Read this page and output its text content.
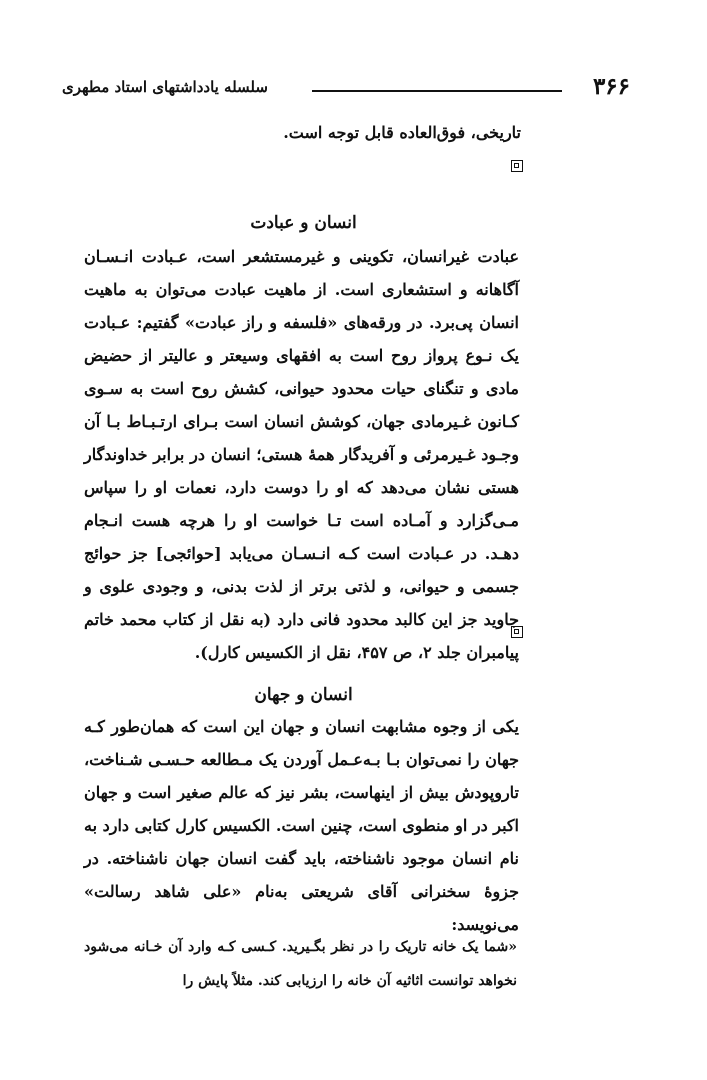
۳۶۶
سلسله یادداشتهای استاد مطهری
تاریخی، فوق‌العاده قابل توجه است.
انسان و عبادت
عبادت غیرانسان، تکوینی و غیرمستشعر است، عـبادت انـسـان آگاهانه و استشعاری است. از ماهیت عبادت می‌توان به ماهیت انسان پی‌برد. در ورقه‌های «فلسفه و راز عبادت» گفتیم: عـبادت یک نـوع پرواز روح است به افقهای وسیعتر و عالیتر از حضیض مادی و تنگنای حیات محدود حیوانی، کشش روح است به سـوی کـانون غـیرمادی جهان، کوشش انسان است بـرای ارتـبـاط بـا آن وجـود غـیرمرئی و آفریدگار همۀ هستی؛ انسان در برابر خداوندگار هستی نشان می‌دهد که او را دوست دارد، نعمات او را سپاس مـی‌گزارد و آمـاده است تـا خواست او را هرچه هست انـجام دهـد. در عـبادت است کـه انـسـان می‌یابد [حوائجی] جز حوائج جسمی و حیوانی، و لذتی برتر از لذت بدنی، و وجودی علوی و جاوید جز این کالبد محدود فانی دارد (به نقل از کتاب محمد خاتم پیامبران جلد ۲، ص ۴۵۷، نقل از الکسیس کارل).
انسان و جهان
یکی از وجوه مشابهت انسان و جهان این است که همان‌طور کـه جهان را نمی‌توان بـا بـه‌عـمل آوردن یک مـطالعه حـسـی شـناخت، تاروپودش بیش از اینهاست، بشر نیز که عالم صغیر است و جهان اکبر در او منطوی است، چنین است. الکسیس کارل کتابی دارد به نام انسان موجود ناشناخته، باید گفت انسان جهان ناشناخته. در جزوۀ سخنرانی آقای شریعتی به‌نام «علی شاهد رسالت» می‌نویسد:
«شما یک خانه تاریک را در نظر بگـیرید. کـسی کـه وارد آن خـانه می‌شود نخواهد توانست اثاثیه آن خانه را ارزیابی کند. مثلاً پایش را
